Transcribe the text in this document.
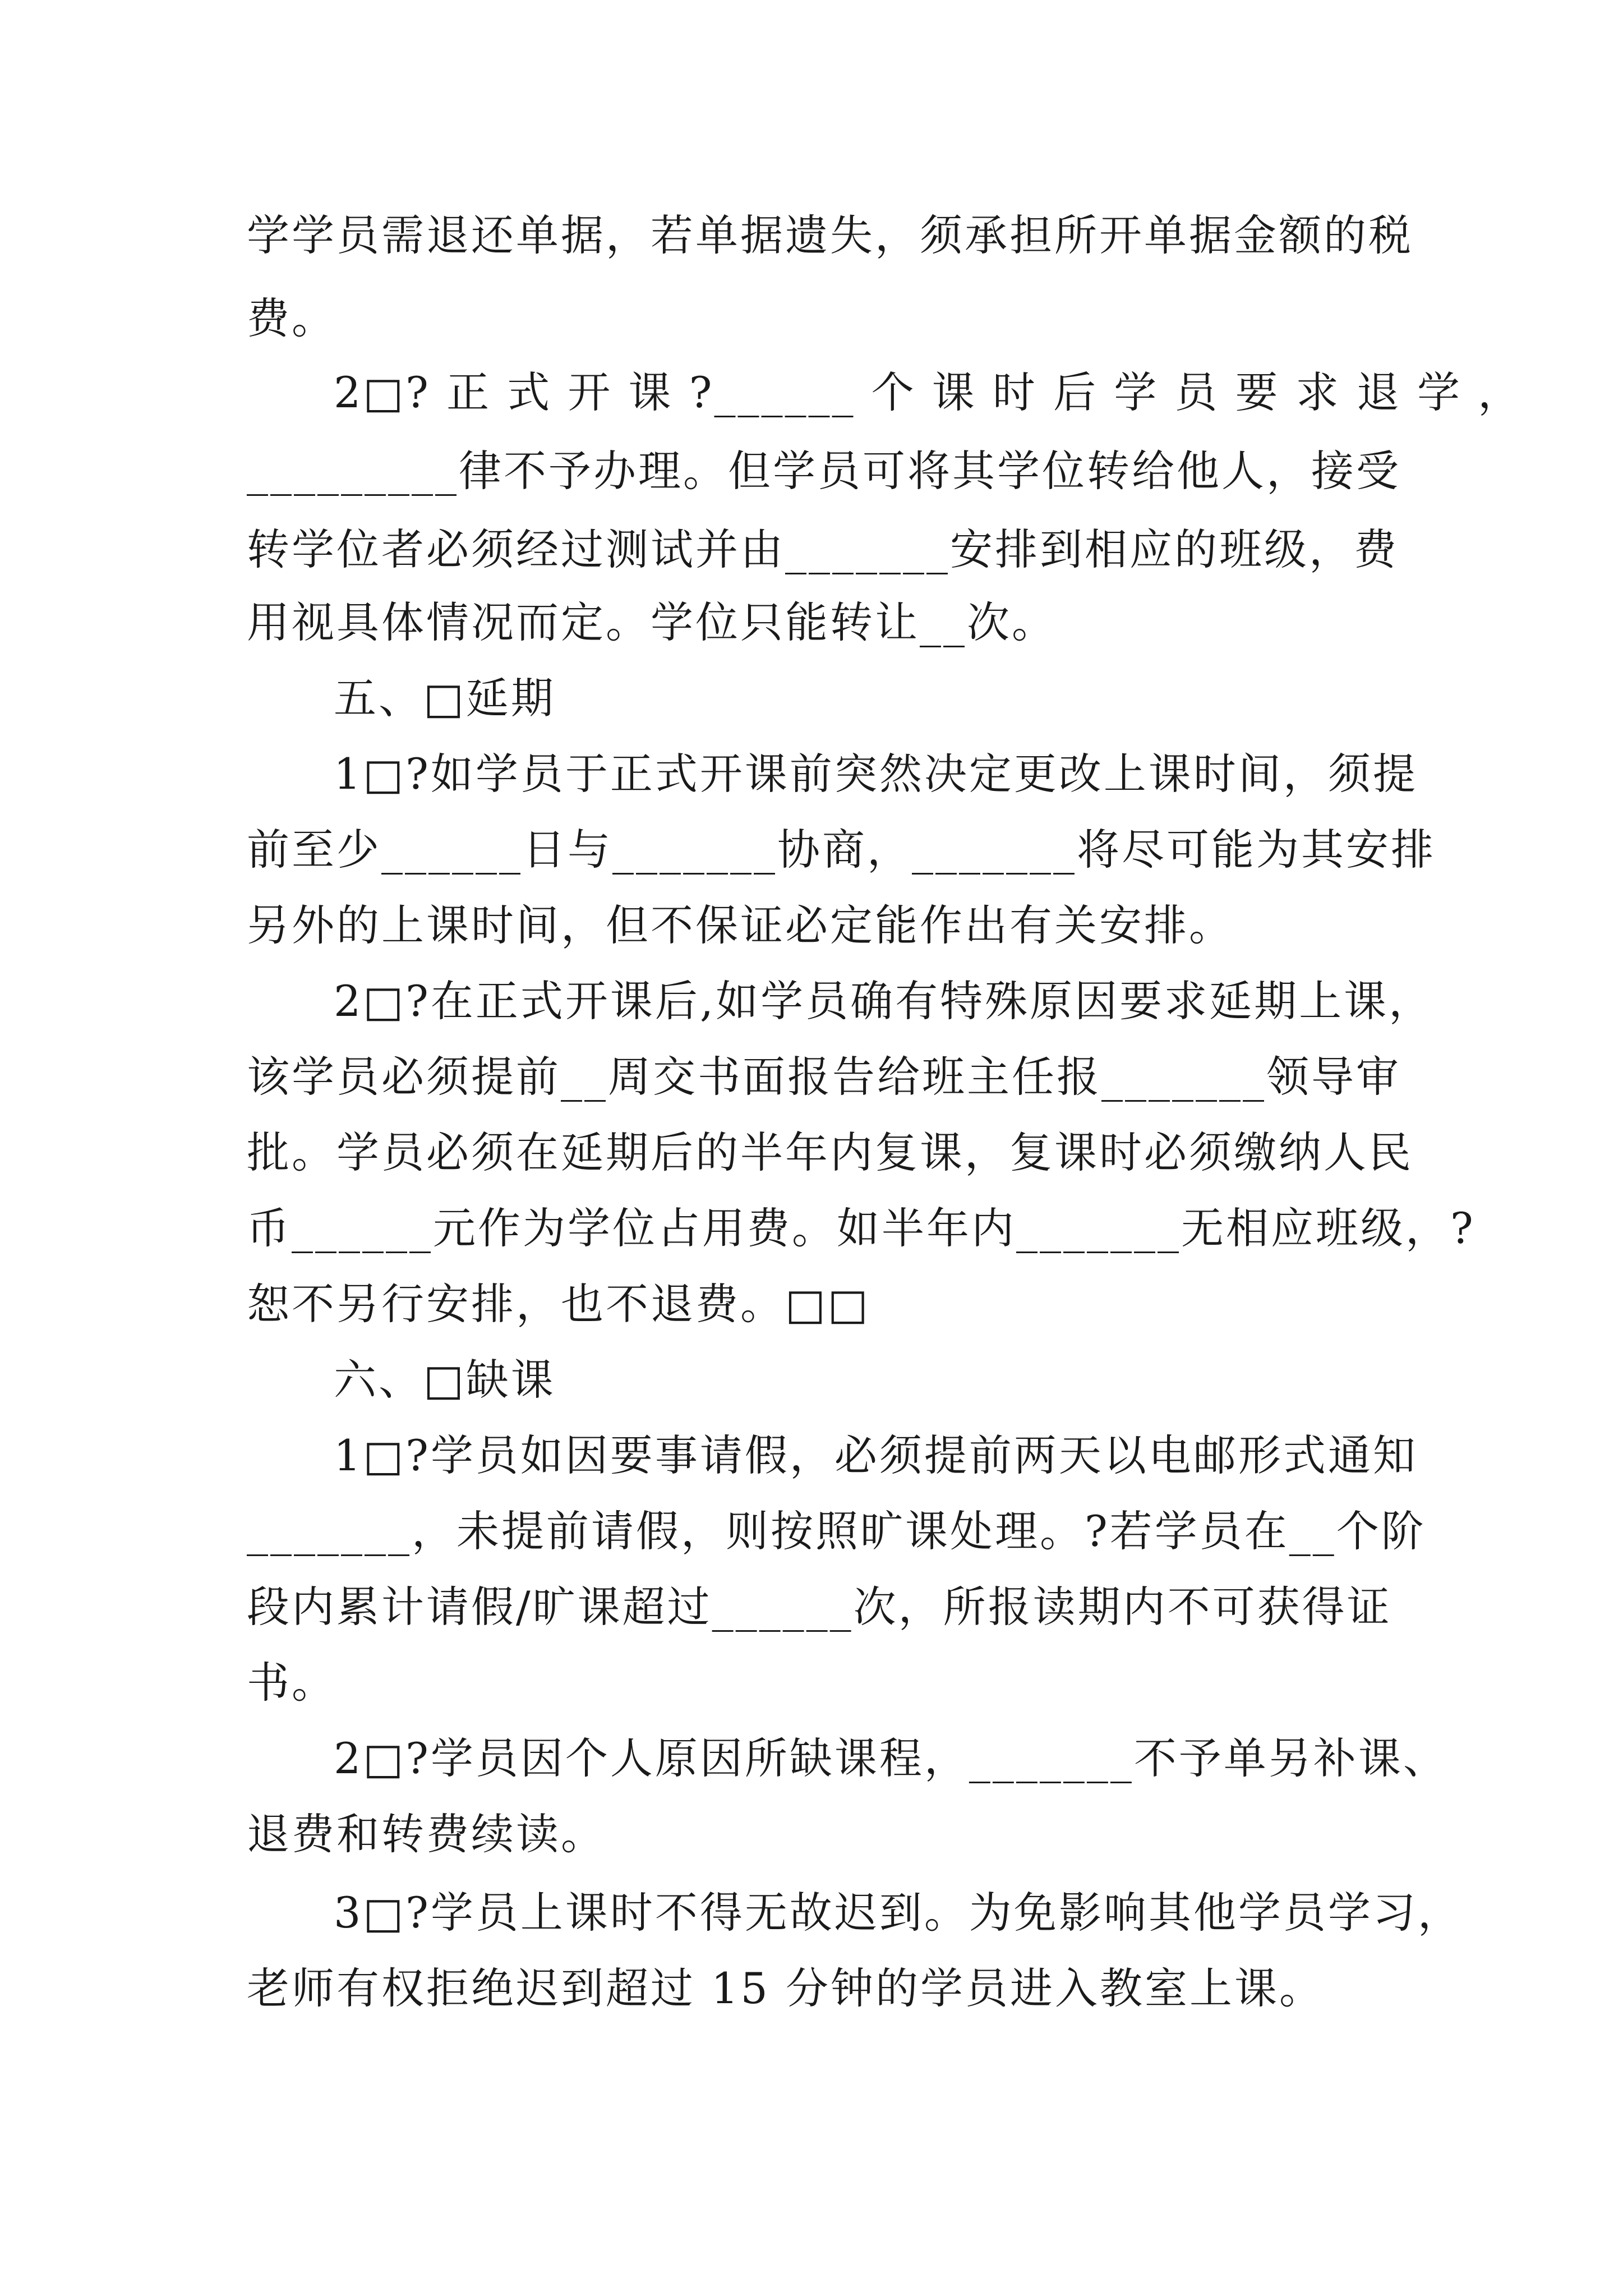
学学员需退还单据，若单据遗失，须承担所开单据金额的税
费。
2□? 正 式 开 课 ?______ 个 课 时 后 学 员 要 求 退 学 ，
_________律不予办理。但学员可将其学位转给他人，接受
转学位者必须经过测试并由_______安排到相应的班级，费
用视具体情况而定。学位只能转让__次。
五、□延期
1□?如学员于正式开课前突然决定更改上课时间，须提
前至少______日与_______协商，_______将尽可能为其安排
另外的上课时间，但不保证必定能作出有关安排。
2□?在正式开课后,如学员确有特殊原因要求延期上课，
该学员必须提前__周交书面报告给班主任报_______领导审
批。学员必须在延期后的半年内复课，复课时必须缴纳人民
币______元作为学位占用费。如半年内_______无相应班级，?
恕不另行安排，也不退费。□□
六、□缺课
1□?学员如因要事请假，必须提前两天以电邮形式通知
_______，未提前请假，则按照旷课处理。?若学员在__个阶
段内累计请假/旷课超过______次，所报读期内不可获得证
书。
2□?学员因个人原因所缺课程，_______不予单另补课、
退费和转费续读。
3□?学员上课时不得无故迟到。为免影响其他学员学习，
老师有权拒绝迟到超过 15 分钟的学员进入教室上课。
